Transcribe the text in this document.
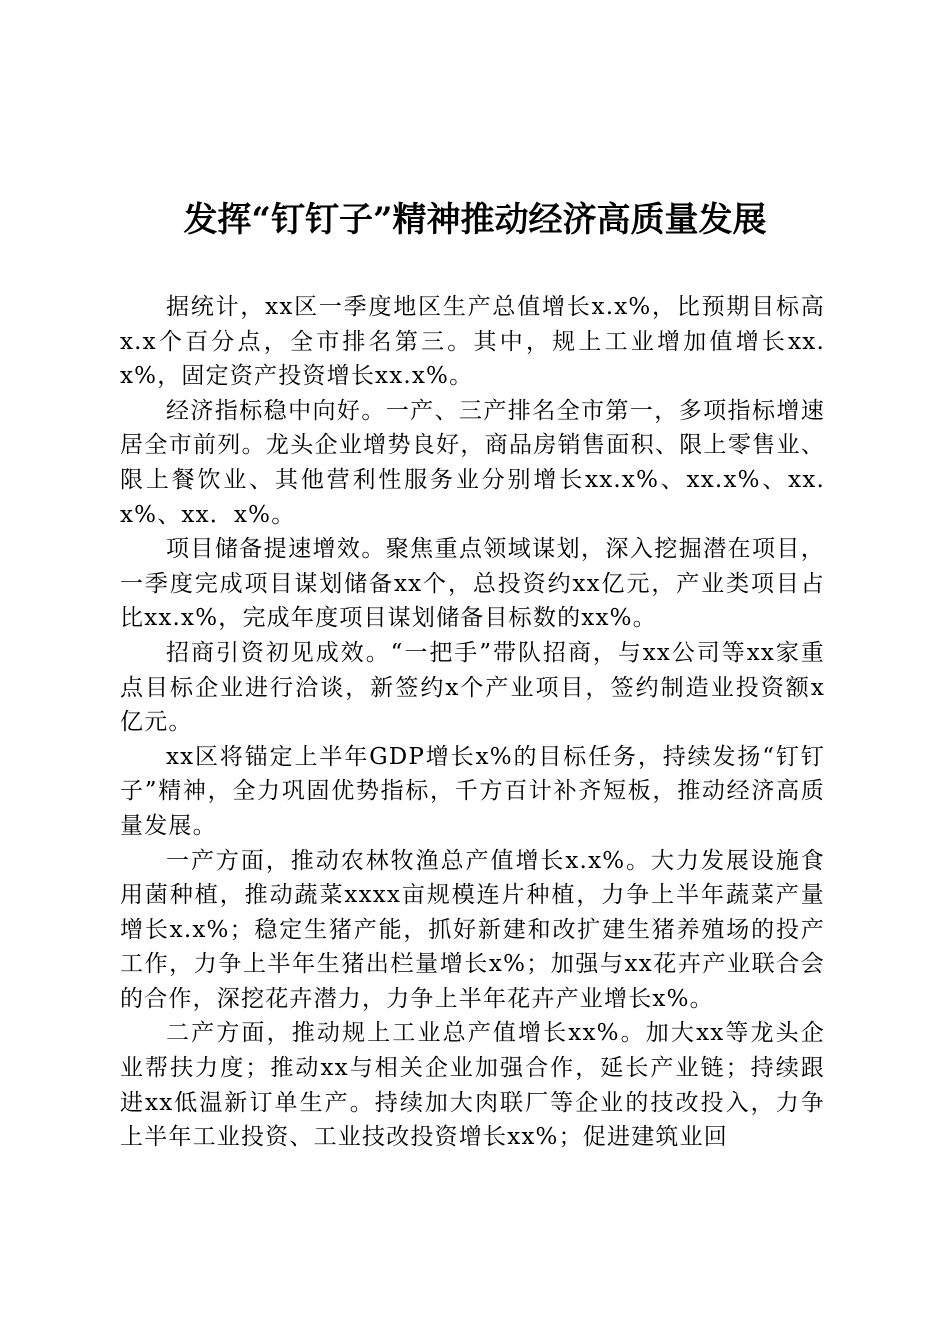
发挥“钉钉子”精神推动经济高质量发展

据统计，xx区一季度地区生产总值增长x.x%，比预期目标高x.x个百分点，全市排名第三。其中，规上工业增加值增长xx.x%，固定资产投资增长xx.x%。

经济指标稳中向好。一产、三产排名全市第一，多项指标增速居全市前列。龙头企业增势良好，商品房销售面积、限上零售业、限上餐饮业、其他营利性服务业分别增长xx.x%、xx.x%、xx.x%、xx．x%。

项目储备提速增效。聚焦重点领域谋划，深入挖掘潜在项目，一季度完成项目谋划储备xx个，总投资约xx亿元，产业类项目占比xx.x%，完成年度项目谋划储备目标数的xx%。

招商引资初见成效。“一把手”带队招商，与xx公司等xx家重点目标企业进行洽谈，新签约x个产业项目，签约制造业投资额x亿元。

xx区将锚定上半年GDP增长x%的目标任务，持续发扬“钉钉子”精神，全力巩固优势指标，千方百计补齐短板，推动经济高质量发展。

一产方面，推动农林牧渔总产值增长x.x%。大力发展设施食用菌种植，推动蔬菜xxxx亩规模连片种植，力争上半年蔬菜产量增长x.x%；稳定生猪产能，抓好新建和改扩建生猪养殖场的投产工作，力争上半年生猪出栏量增长x%；加强与xx花卉产业联合会的合作，深挖花卉潜力，力争上半年花卉产业增长x%。

二产方面，推动规上工业总产值增长xx%。加大xx等龙头企业帮扶力度；推动xx与相关企业加强合作，延长产业链；持续跟进xx低温新订单生产。持续加大肉联厂等企业的技改投入，力争上半年工业投资、工业技改投资增长xx%；促进建筑业回
